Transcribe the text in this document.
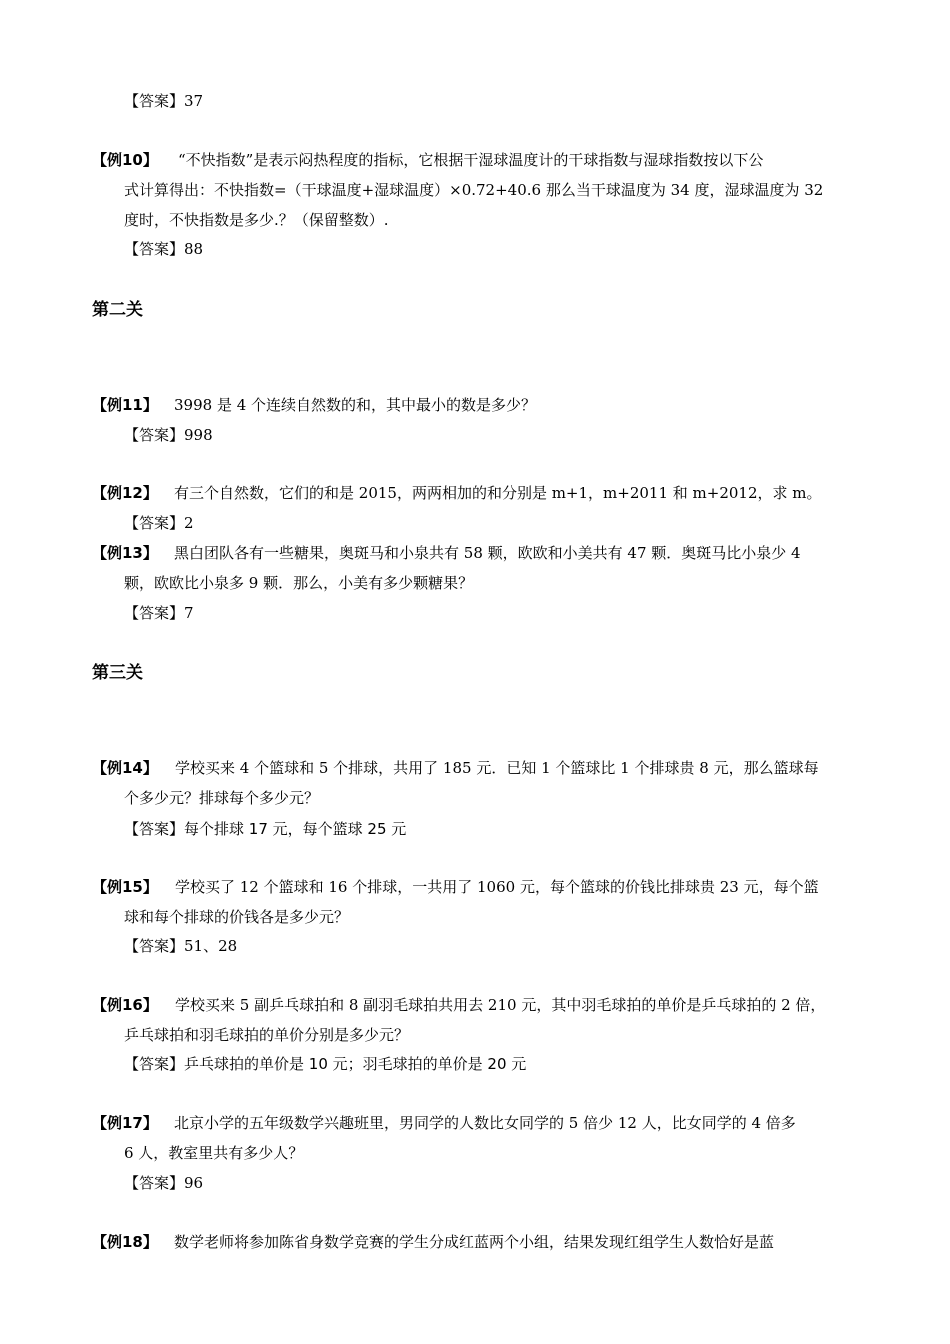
【答案】37
【例10】 “不快指数”是表示闷热程度的指标，它根据干湿球温度计的干球指数与湿球指数按以下公
式计算得出：不快指数=（干球温度+湿球温度）×0.72+40.6 那么当干球温度为 34 度，湿球温度为 32
度时，不快指数是多少.？（保留整数）.
【答案】88
第二关
【例11】 3998 是 4 个连续自然数的和，其中最小的数是多少？
【答案】998
【例12】 有三个自然数，它们的和是 2015，两两相加的和分别是 m+1，m+2011 和 m+2012，求 m。
【答案】2
【例13】 黑白团队各有一些糖果，奥斑马和小泉共有 58 颗，欧欧和小美共有 47 颗．奥斑马比小泉少 4
颗，欧欧比小泉多 9 颗．那么，小美有多少颗糖果？
【答案】7
第三关
【例14】 学校买来 4 个篮球和 5 个排球，共用了 185 元．已知 1 个篮球比 1 个排球贵 8 元，那么篮球每
个多少元？排球每个多少元？
【答案】每个排球 17 元，每个篮球 25 元
【例15】 学校买了 12 个篮球和 16 个排球，一共用了 1060 元，每个篮球的价钱比排球贵 23 元，每个篮
球和每个排球的价钱各是多少元？
【答案】51、28
【例16】 学校买来 5 副乒乓球拍和 8 副羽毛球拍共用去 210 元，其中羽毛球拍的单价是乒乓球拍的 2 倍，
乒乓球拍和羽毛球拍的单价分别是多少元？
【答案】乒乓球拍的单价是 10 元；羽毛球拍的单价是 20 元
【例17】 北京小学的五年级数学兴趣班里，男同学的人数比女同学的 5 倍少 12 人，比女同学的 4 倍多
6 人，教室里共有多少人？
【答案】96
【例18】 数学老师将参加陈省身数学竞赛的学生分成红蓝两个小组，结果发现红组学生人数恰好是蓝
